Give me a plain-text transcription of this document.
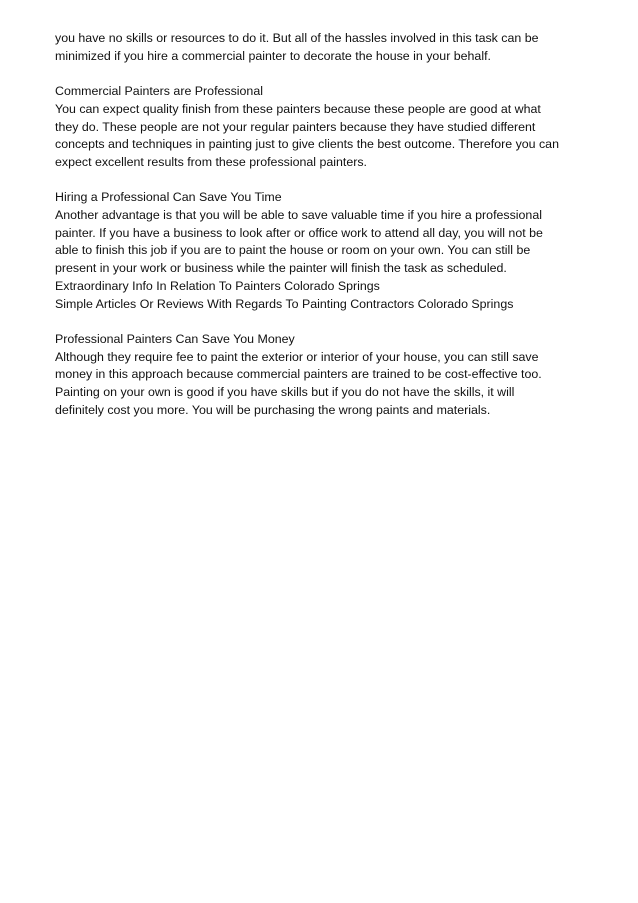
you have no skills or resources to do it. But all of the hassles involved in this task can be
minimized if you hire a commercial painter to decorate the house in your behalf.

Commercial Painters are Professional
You can expect quality finish from these painters because these people are good at what
they do. These people are not your regular painters because they have studied different
concepts and techniques in painting just to give clients the best outcome. Therefore you can
expect excellent results from these professional painters.

Hiring a Professional Can Save You Time
Another advantage is that you will be able to save valuable time if you hire a professional
painter. If you have a business to look after or office work to attend all day, you will not be
able to finish this job if you are to paint the house or room on your own. You can still be
present in your work or business while the painter will finish the task as scheduled.
Extraordinary Info In Relation To Painters Colorado Springs
Simple Articles Or Reviews With Regards To Painting Contractors Colorado Springs

Professional Painters Can Save You Money
Although they require fee to paint the exterior or interior of your house, you can still save
money in this approach because commercial painters are trained to be cost-effective too.
Painting on your own is good if you have skills but if you do not have the skills, it will
definitely cost you more. You will be purchasing the wrong paints and materials.
